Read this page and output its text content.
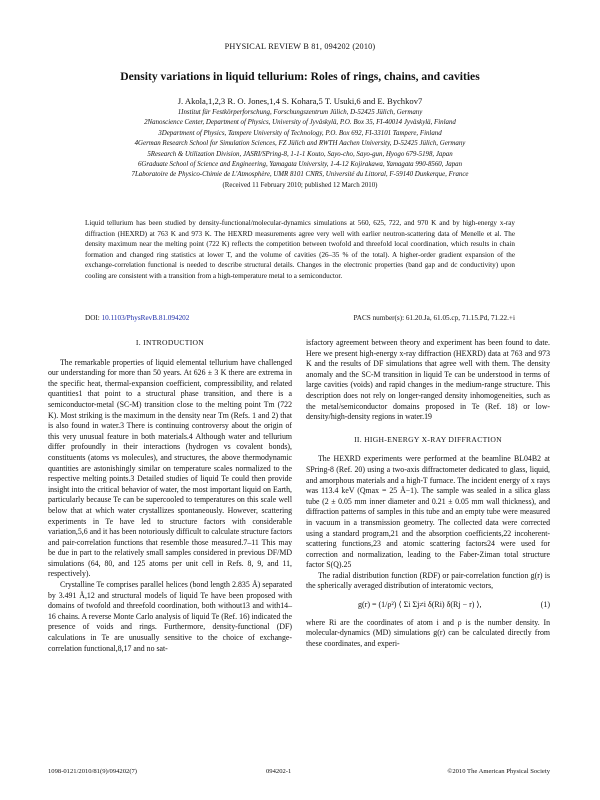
PHYSICAL REVIEW B 81, 094202 (2010)
Density variations in liquid tellurium: Roles of rings, chains, and cavities
J. Akola,1,2,3 R. O. Jones,1,4 S. Kohara,5 T. Usuki,6 and E. Bychkov7
1Institut für Festkörperforschung, Forschungszentrum Jülich, D-52425 Jülich, Germany
2Nanoscience Center, Department of Physics, University of Jyväskylä, P.O. Box 35, FI-40014 Jyväskylä, Finland
3Department of Physics, Tampere University of Technology, P.O. Box 692, FI-33101 Tampere, Finland
4German Research School for Simulation Sciences, FZ Jülich and RWTH Aachen University, D-52425 Jülich, Germany
5Research & Utilization Division, JASRI/SPring-8, 1-1-1 Kouto, Sayo-cho, Sayo-gun, Hyogo 679-5198, Japan
6Graduate School of Science and Engineering, Yamagata University, 1-4-12 Kojirakawa, Yamagata 990-8560, Japan
7Laboratoire de Physico-Chimie de L'Atmosphère, UMR 8101 CNRS, Université du Littoral, F-59140 Dunkerque, France
(Received 11 February 2010; published 12 March 2010)
Liquid tellurium has been studied by density-functional/molecular-dynamics simulations at 560, 625, 722, and 970 K and by high-energy x-ray diffraction (HEXRD) at 763 K and 973 K. The HEXRD measurements agree very well with earlier neutron-scattering data of Menelle et al. The density maximum near the melting point (722 K) reflects the competition between twofold and threefold local coordination, which results in chain formation and changed ring statistics at lower T, and the volume of cavities (26–35 % of the total). A higher-order gradient expansion of the exchange-correlation functional is needed to describe structural details. Changes in the electronic properties (band gap and dc conductivity) upon cooling are consistent with a transition from a high-temperature metal to a semiconductor.
DOI: 10.1103/PhysRevB.81.094202	PACS number(s): 61.20.Ja, 61.05.cp, 71.15.Pd, 71.22.+i
I. INTRODUCTION

The remarkable properties of liquid elemental tellurium have challenged our understanding for more than 50 years. At 626 ± 3 K there are extrema in the specific heat, thermal-expansion coefficient, compressibility, and related quantities1 that point to a structural phase transition, and there is a semiconductor-metal (SC-M) transition close to the melting point Tm (722 K). Most striking is the maximum in the density near Tm (Refs. 1 and 2) that is also found in water.3 There is continuing controversy about the origin of this very unusual feature in both materials.4 Although water and tellurium differ profoundly in their interactions (hydrogen vs covalent bonds), constituents (atoms vs molecules), and structures, the above thermodynamic quantities are astonishingly similar on temperature scales normalized to the respective melting points.3 Detailed studies of liquid Te could then provide insight into the critical behavior of water, the most important liquid on Earth, particularly because Te can be supercooled to temperatures on this scale well below that at which water crystallizes spontaneously. However, scattering experiments in Te have led to structure factors with considerable variation,5,6 and it has been notoriously difficult to calculate structure factors and pair-correlation functions that resemble those measured.7–11 This may be due in part to the relatively small samples considered in previous DF/MD simulations (64, 80, and 125 atoms per unit cell in Refs. 8, 9, and 11, respectively).

Crystalline Te comprises parallel helices (bond length 2.835 Å) separated by 3.491 Å,12 and structural models of liquid Te have been proposed with domains of twofold and threefold coordination, both without13 and with14–16 chains. A reverse Monte Carlo analysis of liquid Te (Ref. 16) indicated the presence of voids and rings. Furthermore, density-functional (DF) calculations in Te are unusually sensitive to the choice of exchange-correlation functional,8,17 and no sat-

isfactory agreement between theory and experiment has been found to date. Here we present high-energy x-ray diffraction (HEXRD) data at 763 and 973 K and the results of DF simulations that agree well with them. The density anomaly and the SC-M transition in liquid Te can be understood in terms of large cavities (voids) and rapid changes in the medium-range structure. This description does not rely on longer-ranged density inhomogeneities, such as the metal/semiconductor domains proposed in Te (Ref. 18) or low-density/high-density regions in water.19

II. HIGH-ENERGY X-RAY DIFFRACTION

The HEXRD experiments were performed at the beamline BL04B2 at SPring-8 (Ref. 20) using a two-axis diffractometer dedicated to glass, liquid, and amorphous materials and a high-T furnace. The incident energy of x rays was 113.4 keV (Qmax = 25 Å−1). The sample was sealed in a silica glass tube (2 ± 0.05 mm inner diameter and 0.21 ± 0.05 mm wall thickness), and diffraction patterns of samples in this tube and an empty tube were measured in vacuum in a transmission geometry. The collected data were corrected using a standard program,21 and the absorption coefficients,22 incoherent-scattering functions,23 and atomic scattering factors24 were used for correction and normalization, leading to the Faber-Ziman total structure factor S(Q).25

The radial distribution function (RDF) or pair-correlation function g(r) is the spherically averaged distribution of interatomic vectors,

g(r) = (1/ρ²) ⟨ Σi Σj≠i δ(Ri) δ(Rj − r) ⟩,	(1)

where Ri are the coordinates of atom i and ρ is the number density. In molecular-dynamics (MD) simulations g(r) can be calculated directly from these coordinates, and experi-

1098-0121/2010/81(9)/094202(7)	094202-1	©2010 The American Physical Society
